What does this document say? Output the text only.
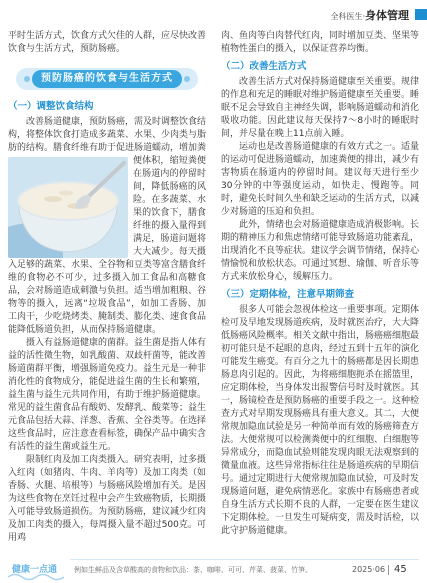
全科医生· 身体管理

平时生活方式，饮食方式欠佳的人群，应尽快改善饮食与生活方式，预防肠癌。

预防肠癌的饮食与生活方式
（一）调整饮食结构

改善肠道健康，预防肠癌，需及时调整饮食结构，将整体饮食打造成多蔬菜、水果、少肉类与脂肪的结构。膳食纤维有助于促进肠道蠕动，增加粪便体积，缩短粪便在肠道内的停留时间，降低肠癌的风险。在多蔬菜、水果的饮食下，膳食纤维的摄入量得到满足，肠道问题将大大减少。每天摄入足够的蔬菜、水果、全谷物和豆类等富含膳食纤维的食物必不可少，过多摄入加工食品和高糖食品，会对肠道造成刺激与负担。适当增加粗粮、谷物等的摄入，远离“垃圾食品”，如加工香肠、加工肉干，少吃烧烤类、腌制类、膨化类、速食食品能降低肠道负担，从而保持肠道健康。

摄入有益肠道健康的菌群。益生菌是指人体有益的活性微生物，如乳酸菌、双歧杆菌等，能改善肠道菌群平衡，增强肠道免疫力。益生元是一种非消化性的食物成分，能促进益生菌的生长和繁殖，益生菌与益生元共同作用，有助于维护肠道健康。常见的益生菌食品有酸奶、发酵乳、酸菜等；益生元食品包括大蒜、洋葱、香蕉、全谷类等。在选择这些食品时，应注意查看标签，确保产品中确实含有活性的益生菌或益生元。

限制红肉及加工肉类摄入。研究表明，过多摄入红肉（如猪肉、牛肉、羊肉等）及加工肉类（如香肠、火腿、培根等）与肠癌风险增加有关。是因为这些食物在烹饪过程中会产生致癌物质，长期摄入可能导致肠道损伤。为预防肠癌，建议减少红肉及加工肉类的摄入，每周摄入量不超过500克。可用鸡

肉、鱼肉等白肉替代红肉，同时增加豆类、坚果等植物性蛋白的摄入，以保证营养均衡。

（二）改善生活方式

改善生活方式对保持肠道健康至关重要。规律的作息和充足的睡眠对维护肠道健康至关重要。睡眠不足会导致自主神经失调，影响肠道蠕动和消化吸收功能。因此建议每天保持7～8小时的睡眠时间，并尽量在晚上11点前入睡。

运动也是改善肠道健康的有效方式之一。适量的运动可促进肠道蠕动，加速粪便的排出，减少有害物质在肠道内的停留时间。建议每天进行至少30分钟的中等强度运动，如快走、慢跑等。同时，避免长时间久坐和缺乏运动的生活方式，以减少对肠道的压迫和负担。

此外，情绪也会对肠道健康造成消极影响。长期的精神压力和焦虑情绪可能导致肠道功能紊乱，出现消化不良等症状。建议学会调节情绪，保持心情愉悦和放松状态。可通过冥想、瑜伽、听音乐等方式来放松身心，缓解压力。

（三）定期体检，注意早期筛查

很多人可能会忽视体检这一重要事项。定期体检可及早地发现肠道疾病，及时就医治疗，大大降低肠癌风险概率。相关文献中指出，肠癌癌细胞最初可能只是不起眼的息肉，经过五到十五年的演化可能发生癌变。有百分之九十的肠癌都是因长期患肠息肉引起的。因此，为将癌细胞扼杀在摇篮里，应定期体检，当身体发出报警信号时及时就医。其一，肠镜检查是预防肠癌的重要手段之一。这种检查方式对早期发现肠癌具有重大意义。其二，大便常规加隐血试验是另一种简单而有效的肠癌筛查方法。大便常规可以检测粪便中的红细胞、白细胞等异常成分，而隐血试验则能发现肉眼无法观察到的微量血液。这些异常指标往往是肠道疾病的早期信号。通过定期进行大便常规加隐血试验，可及时发现肠道问题，避免病情恶化。家族中有肠癌患者或自身生活方式长期不良的人群，一定要在医生建议下定期体检。一旦发生可疑病变，需及时活检，以此守护肠道健康。

健康一点通 例如生鲜品及含草酸高的食物和饮品：茶、咖啡、可可、芹菜、菠菜、竹笋。	2025·06 45
